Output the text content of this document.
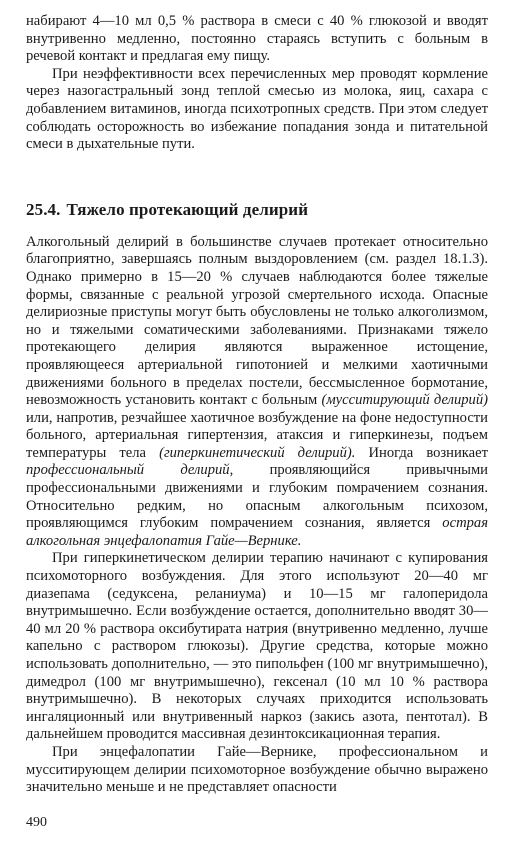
набирают 4—10 мл 0,5 % раствора в смеси с 40 % глюкозой и вводят внутривенно медленно, постоянно стараясь вступить с больным в речевой контакт и предлагая ему пищу.

При неэффективности всех перечисленных мер проводят кормление через назогастральный зонд теплой смесью из молока, яиц, сахара с добавлением витаминов, иногда психотропных средств. При этом следует соблюдать осторожность во избежание попадания зонда и питательной смеси в дыхательные пути.

25.4. Тяжело протекающий делирий

Алкогольный делирий в большинстве случаев протекает относительно благоприятно, завершаясь полным выздоровлением (см. раздел 18.1.3). Однако примерно в 15—20 % случаев наблюдаются более тяжелые формы, связанные с реальной угрозой смертельного исхода. Опасные делириозные приступы могут быть обусловлены не только алкоголизмом, но и тяжелыми соматическими заболеваниями. Признаками тяжело протекающего делирия являются выраженное истощение, проявляющееся артериальной гипотонией и мелкими хаотичными движениями больного в пределах постели, бессмысленное бормотание, невозможность установить контакт с больным (мусситирующий делирий) или, напротив, резчайшее хаотичное возбуждение на фоне недоступности больного, артериальная гипертензия, атаксия и гиперкинезы, подъем температуры тела (гиперкинетический делирий). Иногда возникает профессиональный делирий, проявляющийся привычными профессиональными движениями и глубоким помрачением сознания. Относительно редким, но опасным алкогольным психозом, проявляющимся глубоким помрачением сознания, является острая алкогольная энцефалопатия Гайе—Вернике.

При гиперкинетическом делирии терапию начинают с купирования психомоторного возбуждения. Для этого используют 20—40 мг диазепама (седуксена, реланиума) и 10—15 мг галоперидола внутримышечно. Если возбуждение остается, дополнительно вводят 30—40 мл 20 % раствора оксибутирата натрия (внутривенно медленно, лучше капельно с раствором глюкозы). Другие средства, которые можно использовать дополнительно, — это пипольфен (100 мг внутримышечно), димедрол (100 мг внутримышечно), гексенал (10 мл 10 % раствора внутримышечно). В некоторых случаях приходится использовать ингаляционный или внутривенный наркоз (закись азота, пентотал). В дальнейшем проводится массивная дезинтоксикационная терапия.

При энцефалопатии Гайе—Вернике, профессиональном и мусситирующем делирии психомоторное возбуждение обычно выражено значительно меньше и не представляет опасности

490
